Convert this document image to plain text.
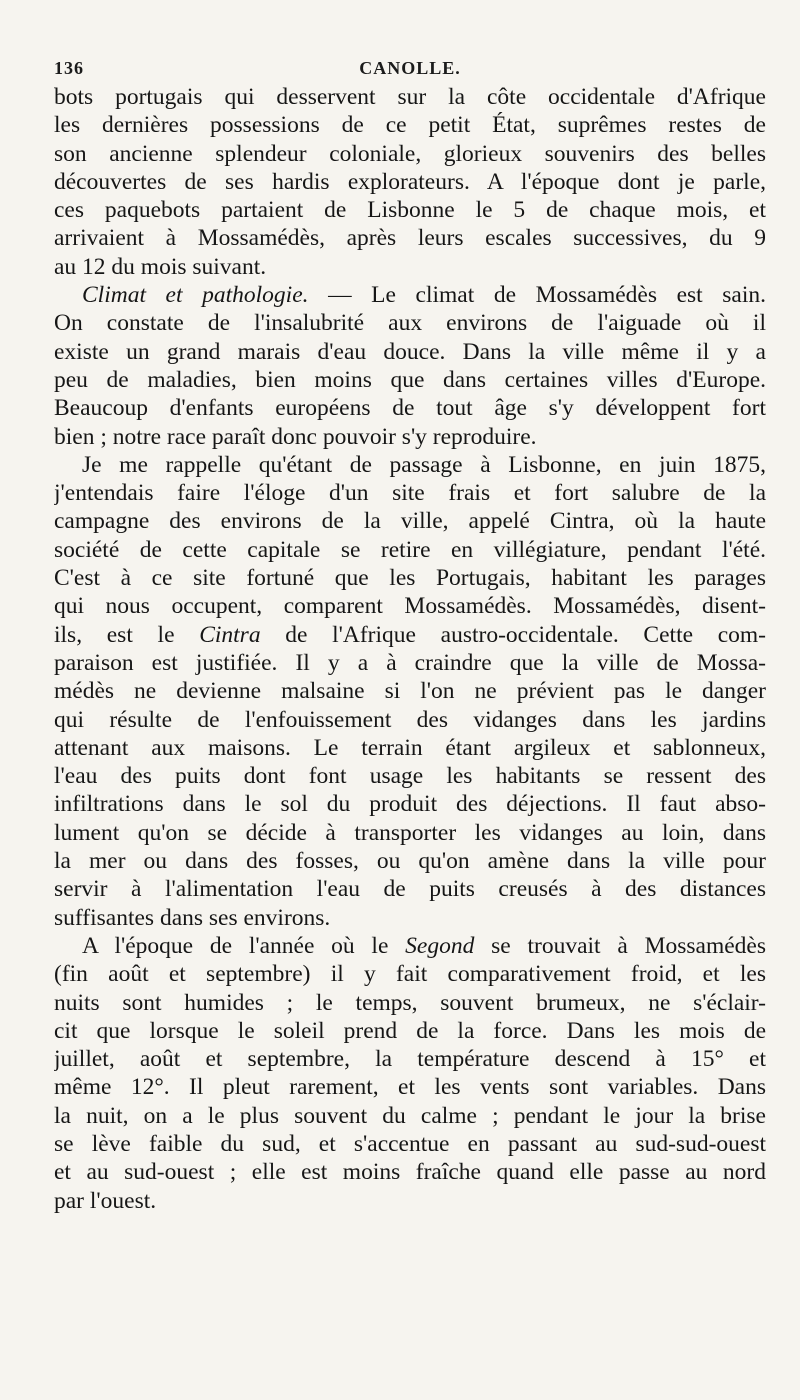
136	CANOLLE.
bots portugais qui desservent sur la côte occidentale d'Afrique
les dernières possessions de ce petit État, suprêmes restes de
son ancienne splendeur coloniale, glorieux souvenirs des belles
découvertes de ses hardis explorateurs. A l'époque dont je parle,
ces paquebots partaient de Lisbonne le 5 de chaque mois, et
arrivaient à Mossamédès, après leurs escales successives, du 9
au 12 du mois suivant.
Climat et pathologie. — Le climat de Mossamédès est sain.
On constate de l'insalubrité aux environs de l'aiguade où il
existe un grand marais d'eau douce. Dans la ville même il y a
peu de maladies, bien moins que dans certaines villes d'Europe.
Beaucoup d'enfants européens de tout âge s'y développent fort
bien ; notre race paraît donc pouvoir s'y reproduire.
Je me rappelle qu'étant de passage à Lisbonne, en juin 1875,
j'entendais faire l'éloge d'un site frais et fort salubre de la
campagne des environs de la ville, appelé Cintra, où la haute
société de cette capitale se retire en villégiature, pendant l'été.
C'est à ce site fortuné que les Portugais, habitant les parages
qui nous occupent, comparent Mossamédès. Mossamédès, disent-
ils, est le Cintra de l'Afrique austro-occidentale. Cette com-
paraison est justifiée. Il y a à craindre que la ville de Mossa-
médès ne devienne malsaine si l'on ne prévient pas le danger
qui résulte de l'enfouissement des vidanges dans les jardins
attenant aux maisons. Le terrain étant argileux et sablonneux,
l'eau des puits dont font usage les habitants se ressent des
infiltrations dans le sol du produit des déjections. Il faut abso-
lument qu'on se décide à transporter les vidanges au loin, dans
la mer ou dans des fosses, ou qu'on amène dans la ville pour
servir à l'alimentation l'eau de puits creusés à des distances
suffisantes dans ses environs.
A l'époque de l'année où le Segond se trouvait à Mossamédès
(fin août et septembre) il y fait comparativement froid, et les
nuits sont humides ; le temps, souvent brumeux, ne s'éclair-
cit que lorsque le soleil prend de la force. Dans les mois de
juillet, août et septembre, la température descend à 15° et
même 12°. Il pleut rarement, et les vents sont variables. Dans
la nuit, on a le plus souvent du calme ; pendant le jour la brise
se lève faible du sud, et s'accentue en passant au sud-sud-ouest
et au sud-ouest ; elle est moins fraîche quand elle passe au nord
par l'ouest.
